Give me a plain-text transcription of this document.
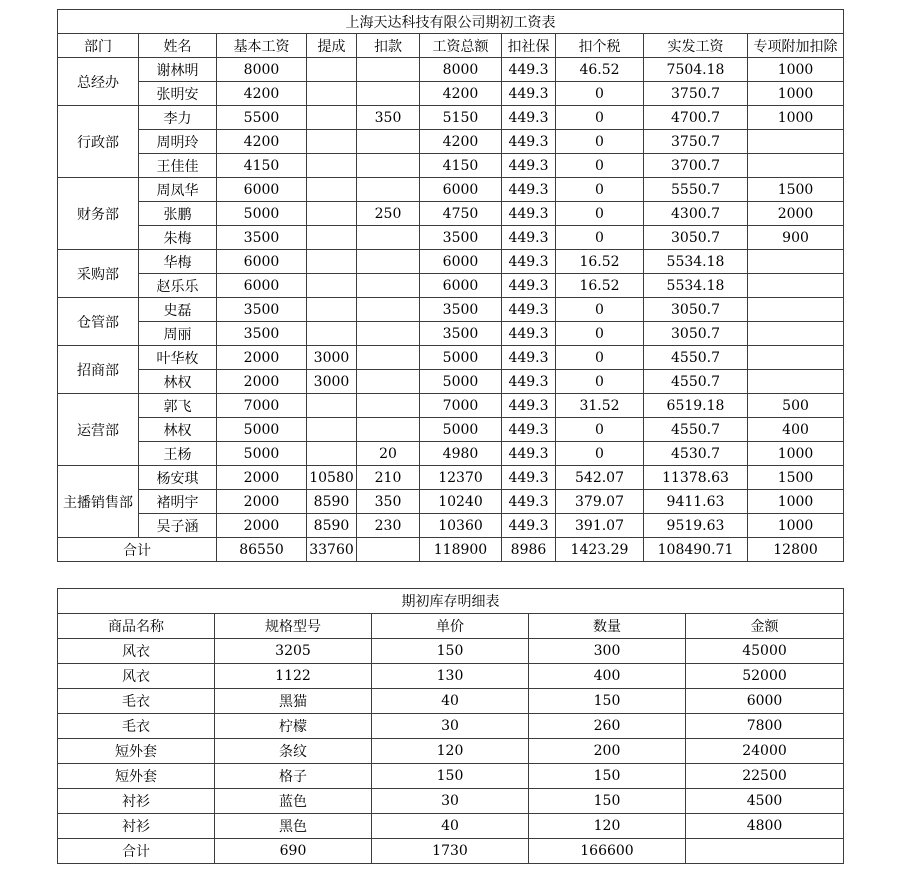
上海天达科技有限公司期初工资表									
部门	姓名	基本工资	提成	扣款	工资总额	扣社保	扣个税	实发工资	专项附加扣除
总经办	谢林明	8000			8000	449.3	46.52	7504.18	1000
	张明安	4200			4200	449.3	0	3750.7	1000
行政部	李力	5500		350	5150	449.3	0	4700.7	1000
	周明玲	4200			4200	449.3	0	3750.7	
	王佳佳	4150			4150	449.3	0	3700.7	
财务部	周凤华	6000			6000	449.3	0	5550.7	1500
	张鹏	5000		250	4750	449.3	0	4300.7	2000
	朱梅	3500			3500	449.3	0	3050.7	900
采购部	华梅	6000			6000	449.3	16.52	5534.18	
	赵乐乐	6000			6000	449.3	16.52	5534.18	
仓管部	史磊	3500			3500	449.3	0	3050.7	
	周丽	3500			3500	449.3	0	3050.7	
招商部	叶华枚	2000	3000		5000	449.3	0	4550.7	
	林权	2000	3000		5000	449.3	0	4550.7	
运营部	郭飞	7000			7000	449.3	31.52	6519.18	500
	林权	5000			5000	449.3	0	4550.7	400
	王杨	5000		20	4980	449.3	0	4530.7	1000
主播销售部	杨安琪	2000	10580	210	12370	449.3	542.07	11378.63	1500
	褚明宇	2000	8590	350	10240	449.3	379.07	9411.63	1000
	吴子涵	2000	8590	230	10360	449.3	391.07	9519.63	1000
合计		86550	33760		118900	8986	1423.29	108490.71	12800
期初库存明细表				
商品名称	规格型号	单价	数量	金额
风衣	3205	150	300	45000
风衣	1122	130	400	52000
毛衣	黑猫	40	150	6000
毛衣	柠檬	30	260	7800
短外套	条纹	120	200	24000
短外套	格子	150	150	22500
衬衫	蓝色	30	150	4500
衬衫	黑色	40	120	4800
合计	690	1730	166600	
